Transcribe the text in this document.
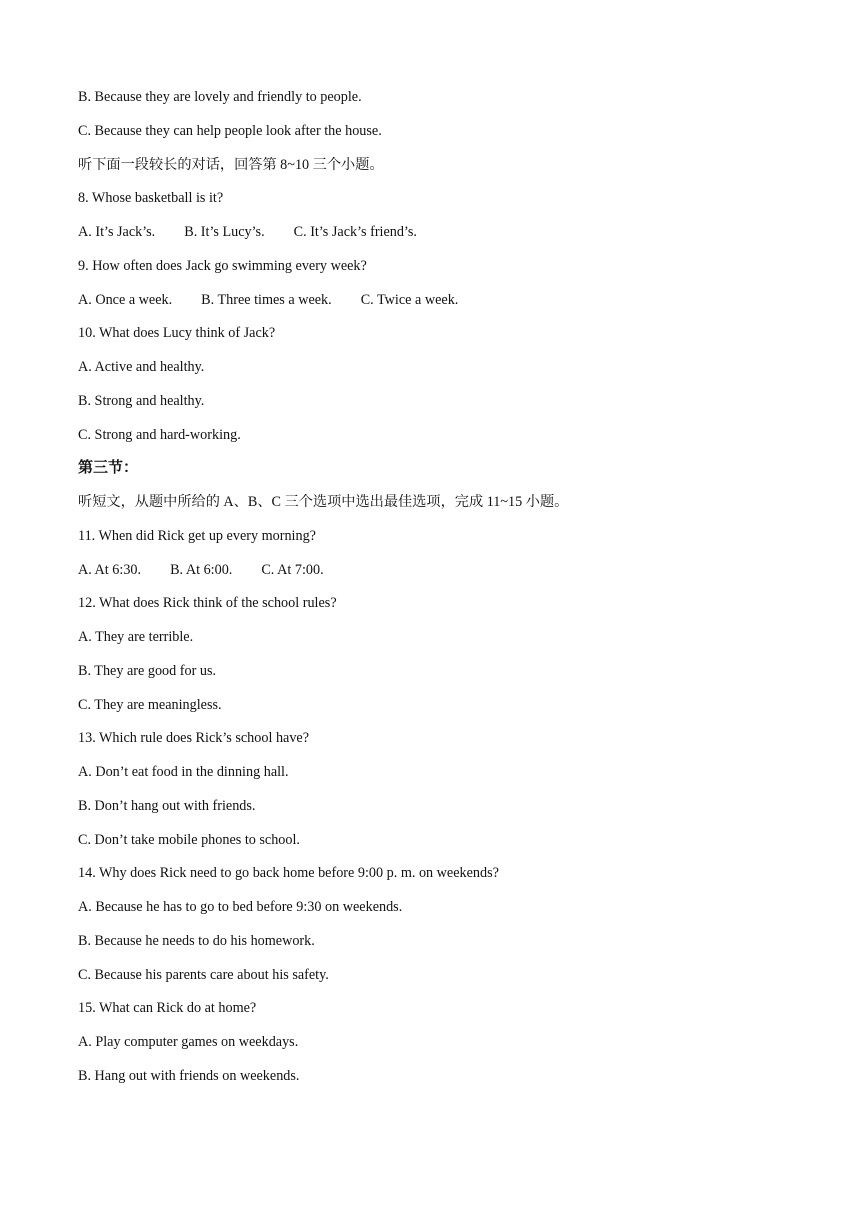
B. Because they are lovely and friendly to people.
C. Because they can help people look after the house.
听下面一段较长的对话，回答第 8~10 三个小题。
8. Whose basketball is it?
A. It’s Jack’s. B. It’s Lucy’s. C. It’s Jack’s friend’s.
9. How often does Jack go swimming every week?
A. Once a week. B. Three times a week. C. Twice a week.
10. What does Lucy think of Jack?
A. Active and healthy.
B. Strong and healthy.
C. Strong and hard-working.
第三节：
听短文，从题中所给的 A、B、C 三个选项中选出最佳选项，完成 11~15 小题。
11. When did Rick get up every morning?
A. At 6:30. B. At 6:00. C. At 7:00.
12. What does Rick think of the school rules?
A. They are terrible.
B. They are good for us.
C. They are meaningless.
13. Which rule does Rick’s school have?
A. Don’t eat food in the dinning hall.
B. Don’t hang out with friends.
C. Don’t take mobile phones to school.
14. Why does Rick need to go back home before 9:00 p. m. on weekends?
A. Because he has to go to bed before 9:30 on weekends.
B. Because he needs to do his homework.
C. Because his parents care about his safety.
15. What can Rick do at home?
A. Play computer games on weekdays.
B. Hang out with friends on weekends.
